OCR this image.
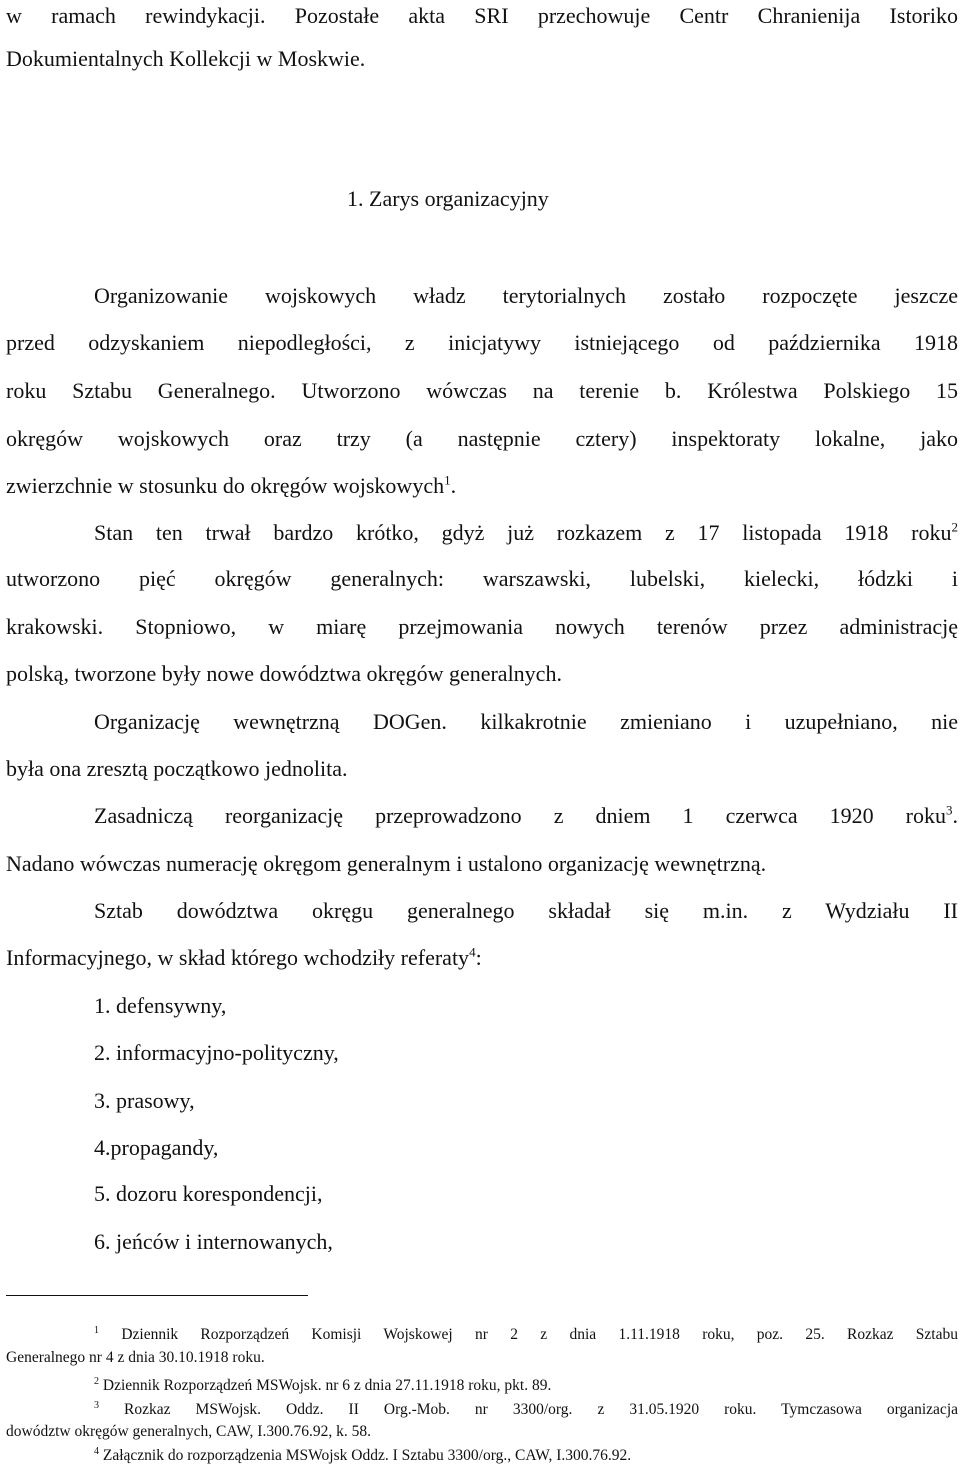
w ramach rewindykacji. Pozostałe akta SRI przechowuje Centr Chranienija Istoriko
Dokumientalnych Kollekcji w Moskwie.
1. Zarys organizacyjny
Organizowanie wojskowych władz terytorialnych zostało rozpoczęte jeszcze
przed odzyskaniem niepodległości, z inicjatywy istniejącego od października 1918
roku Sztabu Generalnego. Utworzono wówczas na terenie b. Królestwa Polskiego 15
okręgów wojskowych oraz trzy (a następnie cztery) inspektoraty lokalne, jako
zwierzchnie w stosunku do okręgów wojskowych$^1$.
Stan ten trwał bardzo krótko, gdyż już rozkazem z 17 listopada 1918 roku$^2$
utworzono pięć okręgów generalnych: warszawski, lubelski, kielecki, łódzki i
krakowski. Stopniowo, w miarę przejmowania nowych terenów przez administrację
polską, tworzone były nowe dowództwa okręgów generalnych.
Organizację wewnętrzną DOGen. kilkakrotnie zmieniano i uzupełniano, nie
była ona zresztą początkowo jednolita.
Zasadniczą reorganizację przeprowadzono z dniem 1 czerwca 1920 roku$^3$.
Nadano wówczas numerację okręgom generalnym i ustalono organizację wewnętrzną.
Sztab dowództwa okręgu generalnego składał się m.in. z Wydziału II
Informacyjnego, w skład którego wchodziły referaty$^4$:
1. defensywny,
2. informacyjno-polityczny,
3. prasowy,
4.propagandy,
5. dozoru korespondencji,
6. jeńców i internowanych,
$^1$ Dziennik Rozporządzeń Komisji Wojskowej nr 2 z dnia 1.11.1918 roku, poz. 25. Rozkaz Sztabu
Generalnego nr 4 z dnia 30.10.1918 roku.
$^2$ Dziennik Rozporządzeń MSWojsk. nr 6 z dnia 27.11.1918 roku, pkt. 89.
$^3$ Rozkaz MSWojsk. Oddz. II Org.-Mob. nr 3300/org. z 31.05.1920 roku. Tymczasowa organizacja
dowództw okręgów generalnych, CAW, I.300.76.92, k. 58.
$^4$ Załącznik do rozporządzenia MSWojsk Oddz. I Sztabu 3300/org., CAW, I.300.76.92.
